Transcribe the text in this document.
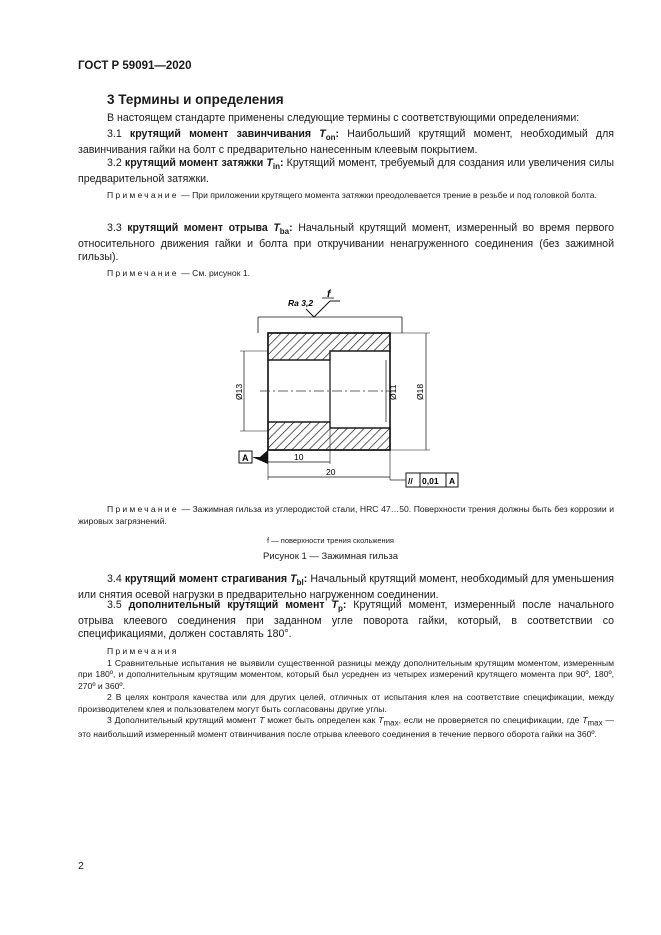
ГОСТ Р 59091—2020
3 Термины и определения
В настоящем стандарте применены следующие термины с соответствующими определениями:
3.1 крутящий момент завинчивания $T_{on}$: Наибольший крутящий момент, необходимый для завинчивания гайки на болт с предварительно нанесенным клеевым покрытием.
3.2 крутящий момент затяжки $T_{in}$: Крутящий момент, требуемый для создания или увеличения силы предварительной затяжки.
Примечание — При приложении крутящего момента затяжки преодолевается трение в резьбе и под головкой болта.
3.3 крутящий момент отрыва $T_{ba}$: Начальный крутящий момент, измеренный во время первого относительного движения гайки и болта при откручивании ненагруженного соединения (без зажимной гильзы).
Примечание — См. рисунок 1.
Ra 3,2
f
Ø13	Ø11 Ø18
10
20
A
// 0,01 A
Примечание — Зажимная гильза из углеродистой стали, HRC 47…50. Поверхности трения должны быть без коррозии и жировых загрязнений.
f — поверхности трения скольжения
Рисунок 1 — Зажимная гильза
3.4 крутящий момент страгивания $T_{bl}$: Начальный крутящий момент, необходимый для уменьшения или снятия осевой нагрузки в предварительно нагруженном соединении.
3.5 дополнительный крутящий момент $T_p$: Крутящий момент, измеренный после начального отрыва клеевого соединения при заданном угле поворота гайки, который, в соответствии со спецификациями, должен составлять 180°.
Примечания
1 Сравнительные испытания не выявили существенной разницы между дополнительным крутящим моментом, измеренным при 180º, и дополнительным крутящим моментом, который был усреднен из четырех измерений крутящего момента при 90º, 180º, 270º и 360º.
2 В целях контроля качества или для других целей, отличных от испытания клея на соответствие спецификации, между производителем клея и пользователем могут быть согласованы другие углы.
3 Дополнительный крутящий момент T может быть определен как $T_{max}$, если не проверяется по спецификации, где $T_{max}$ — это наибольший измеренный момент отвинчивания после отрыва клеевого соединения в течение первого оборота гайки на 360º.
2
